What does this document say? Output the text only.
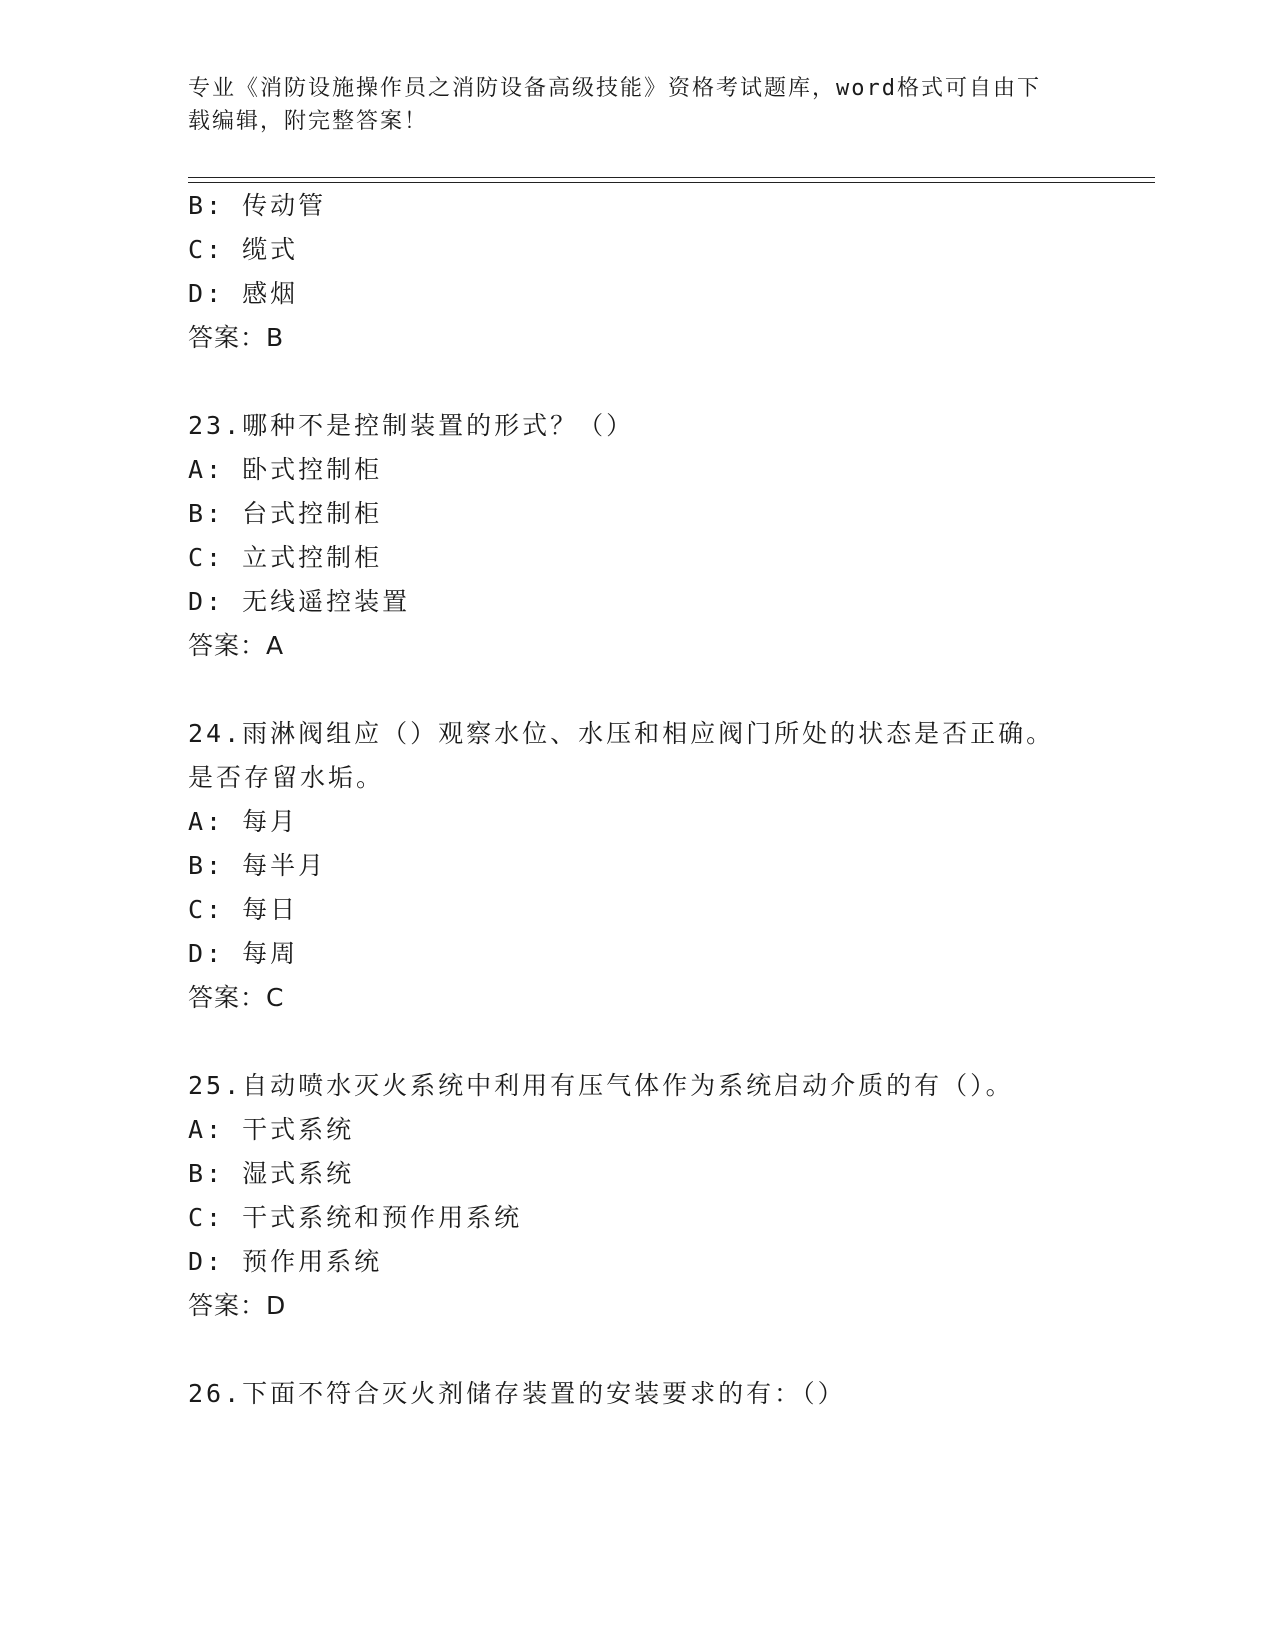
专业《消防设施操作员之消防设备高级技能》资格考试题库，word格式可自由下
载编辑，附完整答案！
B: 传动管
C: 缆式
D: 感烟
答案：B
23.哪种不是控制装置的形式？（）
A: 卧式控制柜
B: 台式控制柜
C: 立式控制柜
D: 无线遥控装置
答案：A
24.雨淋阀组应（）观察水位、水压和相应阀门所处的状态是否正确。
是否存留水垢。
A: 每月
B: 每半月
C: 每日
D: 每周
答案：C
25.自动喷水灭火系统中利用有压气体作为系统启动介质的有（）。
A: 干式系统
B: 湿式系统
C: 干式系统和预作用系统
D: 预作用系统
答案：D
26.下面不符合灭火剂储存装置的安装要求的有：（）
